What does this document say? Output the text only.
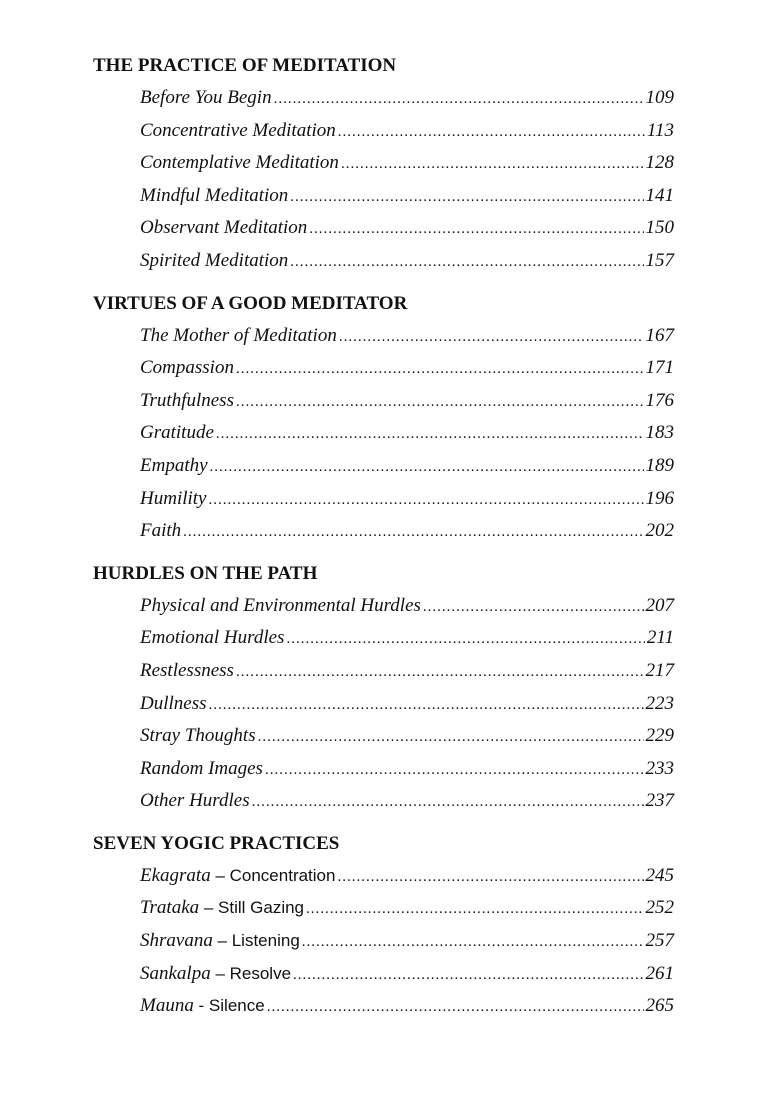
THE PRACTICE OF MEDITATION
Before You Begin .....	109
Concentrative Meditation .....	113
Contemplative Meditation .....	128
Mindful Meditation .....	141
Observant Meditation .....	150
Spirited Meditation .....	157
VIRTUES OF A GOOD MEDITATOR
The Mother of Meditation .....	167
Compassion .....	171
Truthfulness .....	176
Gratitude .....	183
Empathy .....	189
Humility .....	196
Faith .....	202
HURDLES ON THE PATH
Physical and Environmental Hurdles .....	207
Emotional Hurdles .....	211
Restlessness .....	217
Dullness .....	223
Stray Thoughts .....	229
Random Images .....	233
Other Hurdles .....	237
SEVEN YOGIC PRACTICES
Ekagrata – Concentration .....	245
Trataka – Still Gazing .....	252
Shravana – Listening .....	257
Sankalpa – Resolve .....	261
Mauna - Silence .....	265
